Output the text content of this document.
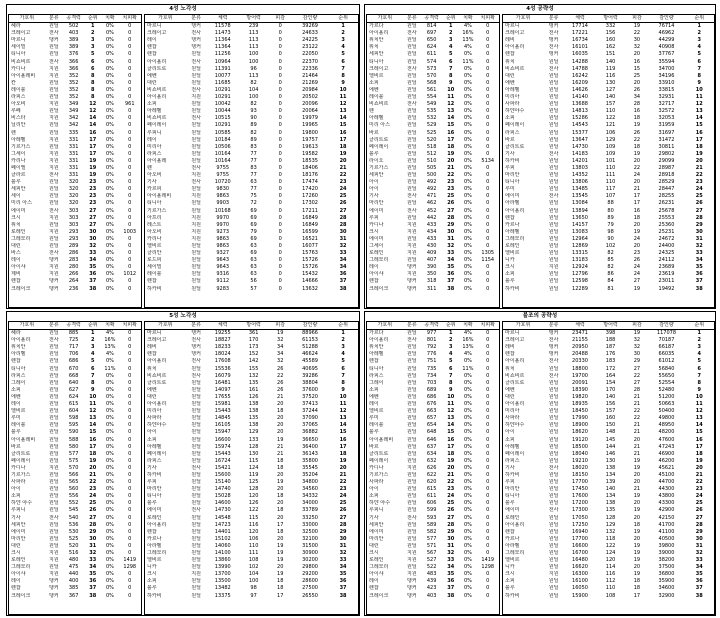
4성 노각성
가호위	분류	공격력	순위	치확	치피확
헤라	원딜	502	1	0%	0
크레이고	전사	403	2	0%	0
마르니	탱커	389	3	0%	0
세이빌	원딜	389	3	0%	0
티니아	원딜	376	5	0%	0
비쇼비르	전사	366	6	0%	0
카디나	지원	366	6	0%	0
아이올레비	지원	352	8	0%	0
칸	원딜	352	8	0%	0
레이블	원딜	352	8	0%	0
라피스	원딜	352	8	0%	0
아오비	지원	349	12	0%	961
루페	원딜	349	12	0%	0
비스타	지원	342	14	0%	0
닐리안	원딜	342	14	0%	0
렌	원딜	335	16	0%	0
아레벨	지원	331	17	0%	0
기르가스	원딜	331	17	0%	0
그세이	지원	331	17	0%	0
카리나	지원	331	19	0%	0
페이엘	지원	331	19	0%	0
클라르	전사	331	19	0%	0
블루	원딜	320	23	0%	0
세피안	원딜	320	23	0%	0
세이	원딜	320	23	0%	0
미리 아스	원딜	320	23	0%	0
에이미	전사	303	27	0%	0
크시	지원	303	27	0%	0
위치	원딜	303	27	0%	0
로레인	지원	293	30	0%	1003
그레모리	원딜	293	30	0%	0
대런	원딜	289	32	0%	0
바스	전사	286	33	0%	0
레이	탱커	283	34	0%	0
아이샤	지원	280	35	0%	0
제비	지원	266	36	0%	1012
렌잡	탱커	264	37	0%	0
크레이크	탱커	236	38	0%	0
가호위	분류	체력	방어력	피감	감인량	순위
마르니	탱커	11578	239	0	39269	1
크레이고	전사	11473	113	0	24633	2
레이	탱커	11364	113	0	24225	3
렌잡	탱커	11364	113	0	23122	4
렌잡	원딜	11256	100	0	22050	5
아이올리	전사	10964	100	0	22370	6
클리트로	원딜	11391	96	0	22336	7
에벤	원딜	10077	113	0	21464	8
대런	원딜	11685	82	0	21269	9
비쇼비르	전사	10291	104	0	20984	10
아이올리	지원	10291	100	0	20502	11
소피	원딜	10042	82	0	20096	12
아레벨	원딜	10044	93	0	20064	13
비쇼비르	전사	10515	90	0	19979	14
페이레이	원딜	10291	89	0	19965	15
루피니	원딜	10585	82	0	19800	16
레이	원딜	10184	89	0	19757	17
미리아	원딜	10506	83	0	19613	18
라피스	원딜	10164	77	0	19582	19
아이올레	원딜	10164	77	0	18535	20
렌	전사	9755	83	0	18406	21
아오비	지원	9755	77	0	18176	22
기사	전사	10720	63	0	17474	23
카르피	원딜	9830	77	0	17420	24
아이올레비	지원	9863	75	0	17260	25
티니아	원딜	9903	72	0	17302	26
기르가스	원딜	10168	69	0	17211	27
아프리	지원	9970	69	0	16849	28
레스트	지원	9970	69	0	16849	28
아오비	지원	9273	79	0	16599	30
카리나	지원	9863	69	0	16521	31
엘비르	원딜	9863	63	0	16077	32
클리안	원딜	9327	69	0	15763	33
로드피	원딜	9643	63	0	15726	34
세이빌	원딜	9643	63	0	15726	34
레이블	원딜	9316	63	0	15432	36
렌잡	원딜	9112	56	0	14666	37
하카비	원딜	9283	57	0	13632	38
4성 공략성
가호위	분류	공격력	순위	치확	치피확
가르다	원딜	814	1	4%	0
아이올리	전사	697	2	16%	0
위치안	원딜	650	3	13%	0
위치	원딜	624	4	4%	0
세피안	원딜	611	5	0%	0
티니아	원딜	574	6	11%	0
크레이고	전사	573	7	0%	0
엘비르	원딜	570	8	0%	0
소피	원딜	568	9	0%	0
에벤	원딜	561	10	0%	0
레이블	원딜	554	11	0%	0
비쇼비르	전사	549	12	0%	0
렌	원딜	535	13	0%	0
아레벨	원딜	532	14	0%	0
미리 아스	원딜	529	15	0%	0
바르	원딜	525	16	0%	0
클리트로	원딜	520	17	0%	0
페이레이	원딜	518	18	0%	0
블루	원딜	512	19	0%	0
라이오	원딜	510	20	0%	5134
기르가스	원딜	505	21	0%	0
세피안	원딜	500	22	0%	0
아이	원딜	492	23	0%	0
아이	원딜	492	23	0%	0
기사	전사	471	25	0%	0
마리안	원딜	462	26	0%	0
에이미	전사	452	27	0%	0
루피	원딜	442	28	0%	0
카디나	지원	433	29	0%	0
크시	지원	434	30	0%	0
에이미	원딜	433	31	0%	0
그세이	지원	430	32	0%	0
로레인	지원	409	33	0%	1305
그레모리	원딜	407	34	0%	1154
레이	탱커	390	35	0%	0
아이샤	지원	350	36	0%	0
렌잡	탱커	318	37	0%	0
크레이크	탱커	311	38	0%	0
가호위	분류	체력	방어력	피감	감인량	순위
마르니	탱커	17714	332	19	76714	1
크레이고	전사	17221	156	22	46962	2
레비	탱커	16734	160	30	44299	3
아이올리	전사	16101	162	32	40908	4
렌잡	탱커	16035	151	20	37767	5
위치	원딜	14288	140	16	35594	6
비쇼비르	전사	14788	119	15	34700	7
대런	원딜	16242	116	25	34196	8
에벤	원딜	16209	130	20	33910	9
아레벨	원딜	14626	127	26	33815	10
미리아	원딜	14140	140	34	32931	11
사파라	원딜	13688	157	28	32717	12
하얀야수	원딜	14813	110	16	32572	13
소피	원딜	15286	122	18	32053	14
페이레이	원딜	14543	121	19	31959	15
라피스	원딜	15377	106	26	31697	16
바르	원딜	13647	129	22	31472	17
클리트로	원딜	14730	109	18	30811	18
기사	전사	14183	109	19	29802	19
하카비	원딜	14201	101	20	29099	20
루피	원딜	13803	110	22	28987	21
마리안	원딜	14352	111	24	28918	22
티니아	원딜	13806	110	20	28529	23
루미	원딜	13485	117	21	28447	24
에이미	전사	13545	107	17	28255	25
아라벨	원딜	13084	88	17	26231	26
아이올리	원딜	13894	80	16	25678	27
렌잡	원딜	13650	89	18	25553	28
카르나	원딜	14157	79	20	25360	29
아레벨	원딜	13083	98	19	25231	30
그레모리	원딜	12964	90	24	24672	31
로레인	원딜	12869	102	20	24400	32
엘비르	원딜	13315	82	23	24325	33
니카	원딜	13183	85	26	24112	34
크시	지원	12924	82	24	23689	35
소피	원딜	12796	86	24	23619	36
블루	원딜	12598	84	27	23011	37
하카비	원딜	12289	81	19	19492	38
5성 노각성
가호위	분류	공격력	순위	치확	치피확
헤라	원딜	885	1	4%	0
아이올리	전사	725	2	16%	0
위치안	원딜	717	3	13%	0
아리벨	원딜	706	4	4%	0
렌잡	원딜	686	5	0%	0
티니아	원딜	670	6	11%	0
라피스	원딜	668	7	0%	0
그레이	원딜	640	8	0%	0
소피	원딜	627	9	0%	0
에벤	원딜	624	10	0%	0
레이	원딜	615	11	0%	0
엘비르	원딜	604	12	0%	0
루미	원딜	598	13	0%	0
레이블	원딜	595	14	0%	0
블루	원딜	590	15	0%	0
아이올레비	원딜	588	16	0%	0
바르	원딜	580	17	0%	0
클리트로	원딜	577	18	0%	0
페이레이	원딜	575	19	0%	0
카디나	지원	570	20	0%	0
기르가스	원딜	566	21	0%	0
사파라	원딜	565	22	0%	0
아이	원딜	560	23	0%	0
소피	원딜	556	24	0%	0
하얀 야수	원딜	552	25	0%	0
루피니	원딜	545	26	0%	0
기사	전사	540	27	0%	0
세피안	원딜	536	28	0%	0
에이미	원딜	530	29	0%	0
마리안	원딜	525	30	0%	0
대런	원딜	520	31	0%	0
크시	지원	516	32	0%	0
로레인	지원	480	33	0%	1419
그레모리	원딜	475	34	0%	1298
아이샤	지원	440	35	0%	0
레이	탱커	400	36	0%	0
렌잡	탱커	385	37	0%	0
크레이크	탱커	367	38	0%	0
가호위	분류	체력	방어력	피감	감인량	순위
마르니	탱커	19255	361	19	88966	1
크레이고	전사	18827	170	32	61153	2
레비	탱커	18233	173	34	51288	3
렌잡	탱커	18024	152	34	46624	4
아이올리	전사	17608	142	32	45589	5
위치	원딜	15536	155	26	40695	6
비쇼비르	전사	16079	132	22	39286	7
클리트로	원딜	16481	135	26	38804	8
에벤	원딜	14097	161	26	37600	9
대런	원딜	17655	126	21	37520	10
아이올리	원딜	15981	138	20	37413	11
미리아	원딜	15443	138	18	37244	12
사파라	원딜	14845	135	20	37090	13
하얀야수	원딜	16105	138	20	37065	14
아이	원딜	15947	129	20	36882	15
소피	원딜	16600	133	19	36650	16
아레벨	원딜	15974	128	21	36400	17
페이레이	원딜	15443	130	21	36143	18
라피스	원딜	16724	115	18	35800	19
기사	전사	15421	124	18	35545	20
하카비	원딜	15600	119	20	35204	21
루피	원딜	15140	125	19	34800	22
마리안	원딜	14740	128	20	34560	23
티니아	원딜	15028	120	18	34332	24
블루	원딜	14600	126	20	34000	25
에이미	전사	14730	122	18	33789	26
로레인	원딜	14548	115	20	33250	27
아이올리	원딜	14723	116	17	33000	28
렌잡	원딜	14401	120	18	32500	29
카르나	원딜	15102	106	20	32100	30
아라벨	원딜	14060	110	19	31500	31
그레모리	원딜	14100	111	19	30900	32
엘비르	원딜	13860	108	19	30200	33
니카	원딜	13990	102	20	29800	34
크시	지원	13700	104	19	29200	35
소피	원딜	13500	100	18	28600	36
블루	원딜	13482	98	18	27500	37
하카비	원딜	13375	97	17	26550	38
불조의 공략성
가호위	분류	공격력	순위	치확	치피확
가르다	원딜	977	1	4%	0
아이올리	전사	801	2	16%	0
위치안	원딜	792	3	13%	0
아레벨	원딜	776	4	4%	0
렌잡	원딜	751	5	0%	0
티니아	원딜	735	6	11%	0
라피스	원딜	734	7	0%	0
그레이	원딜	703	8	0%	0
소피	원딜	689	9	0%	0
에벤	원딜	686	10	0%	0
레이	원딜	676	11	0%	0
엘비르	원딜	663	12	0%	0
루미	원딜	657	13	0%	0
레이블	원딜	654	14	0%	0
블루	원딜	648	15	0%	0
아이올레비	원딜	646	16	0%	0
바르	원딜	637	17	0%	0
클리트로	원딜	634	18	0%	0
페이레이	원딜	632	19	0%	0
카디나	지원	626	20	0%	0
기르가스	원딜	622	21	0%	0
사파라	원딜	620	22	0%	0
아이	원딜	615	23	0%	0
소피	원딜	611	24	0%	0
하얀 야수	원딜	606	25	0%	0
루피니	원딜	599	26	0%	0
기사	전사	593	27	0%	0
세피안	원딜	589	28	0%	0
에이미	원딜	582	29	0%	0
마리안	원딜	577	30	0%	0
대런	원딜	571	31	0%	0
크시	지원	567	32	0%	0
로레인	지원	527	33	0%	1419
그레모리	원딜	522	34	0%	1298
아이샤	지원	483	35	0%	0
레이	탱커	439	36	0%	0
렌잡	탱커	423	37	0%	0
크레이크	탱커	403	38	0%	0
가호위	분류	체력	방어력	피감	감인량	순위
마르니	탱커	23471	398	19	117078	1
크레이고	전사	21155	188	32	70187	2
레비	탱커	20950	187	32	66187	3
렌잡	탱커	20488	176	30	66035	4
아이올리	전사	20330	183	29	61012	5
위치	원딜	18800	172	27	56840	6
비쇼비르	전사	19700	164	22	55650	7
클리트로	원딜	20091	154	27	52554	8
에벤	원딜	18390	170	28	52480	9
대런	원딜	19820	140	21	51200	10
아이올리	원딜	18935	156	21	50663	11
미리아	원딜	18450	157	22	50400	12
사파라	원딜	17990	160	22	49800	13
하얀야수	원딜	18900	150	21	48950	14
아이	원딜	18620	148	21	48200	15
소피	원딜	19120	145	20	47600	16
아레벨	원딜	18500	144	21	47243	17
페이레이	원딜	18040	146	21	46900	18
라피스	원딜	19210	130	19	46200	19
기사	전사	18020	138	19	45621	20
하카비	원딜	18150	134	20	45100	21
루피	원딜	17700	139	20	44700	22
마리안	원딜	17450	140	21	44300	23
티니아	원딜	17600	134	19	43800	24
블루	원딜	17200	138	20	43300	25
에이미	전사	17300	135	19	42900	26
로레인	원딜	17050	128	20	42150	27
아이올리	원딜	17250	129	18	41700	28
렌잡	원딜	16940	132	19	41100	29
카르나	원딜	17700	118	20	40500	30
아라벨	원딜	16600	122	19	39800	31
그레모리	원딜	16700	124	19	39000	32
엘비르	원딜	16480	120	19	38200	33
니카	원딜	16620	114	20	37500	34
크시	지원	16300	116	19	36800	35
소피	원딜	16100	112	18	35900	36
블루	원딜	16050	110	18	34600	37
하카비	원딜	15900	108	17	32900	38
